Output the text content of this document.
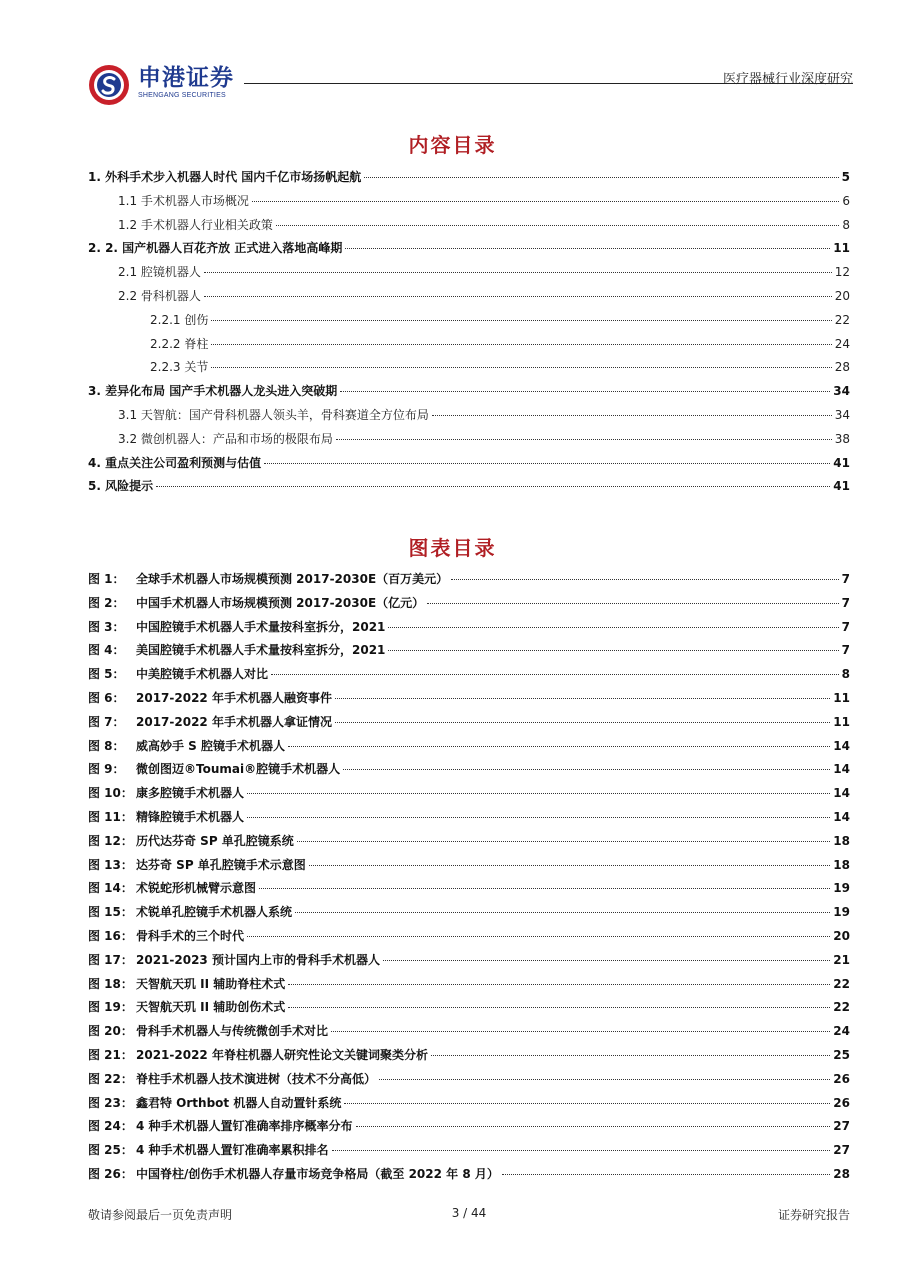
申港证券
SHENGANG SECURITIES
医疗器械行业深度研究
内容目录
1. 外科手术步入机器人时代 国内千亿市场扬帆起航	5
1.1 手术机器人市场概况	6
1.2 手术机器人行业相关政策	8
2. 2. 国产机器人百花齐放 正式进入落地高峰期	11
2.1 腔镜机器人	12
2.2 骨科机器人	20
2.2.1 创伤	22
2.2.2 脊柱	24
2.2.3 关节	28
3. 差异化布局 国产手术机器人龙头进入突破期	34
3.1 天智航：国产骨科机器人领头羊，骨科赛道全方位布局	34
3.2 微创机器人：产品和市场的极限布局	38
4. 重点关注公司盈利预测与估值	41
5. 风险提示	41
图表目录
图 1： 全球手术机器人市场规模预测 2017-2030E（百万美元）	7
图 2： 中国手术机器人市场规模预测 2017-2030E（亿元）	7
图 3： 中国腔镜手术机器人手术量按科室拆分，2021	7
图 4： 美国腔镜手术机器人手术量按科室拆分，2021	7
图 5： 中美腔镜手术机器人对比	8
图 6： 2017-2022 年手术机器人融资事件	11
图 7： 2017-2022 年手术机器人拿证情况	11
图 8： 威高妙手 S 腔镜手术机器人	14
图 9： 微创图迈®Toumai®腔镜手术机器人	14
图 10： 康多腔镜手术机器人	14
图 11： 精锋腔镜手术机器人	14
图 12： 历代达芬奇 SP 单孔腔镜系统	18
图 13： 达芬奇 SP 单孔腔镜手术示意图	18
图 14： 术锐蛇形机械臂示意图	19
图 15： 术锐单孔腔镜手术机器人系统	19
图 16： 骨科手术的三个时代	20
图 17： 2021-2023 预计国内上市的骨科手术机器人	21
图 18： 天智航天玑 II 辅助脊柱术式	22
图 19： 天智航天玑 II 辅助创伤术式	22
图 20： 骨科手术机器人与传统微创手术对比	24
图 21： 2021-2022 年脊柱机器人研究性论文关键词聚类分析	25
图 22： 脊柱手术机器人技术演进树（技术不分高低）	26
图 23： 鑫君特 Orthbot 机器人自动置针系统	26
图 24： 4 种手术机器人置钉准确率排序概率分布	27
图 25： 4 种手术机器人置钉准确率累积排名	27
图 26： 中国脊柱/创伤手术机器人存量市场竞争格局（截至 2022 年 8 月）	28
敬请参阅最后一页免责声明	3 / 44	证券研究报告
